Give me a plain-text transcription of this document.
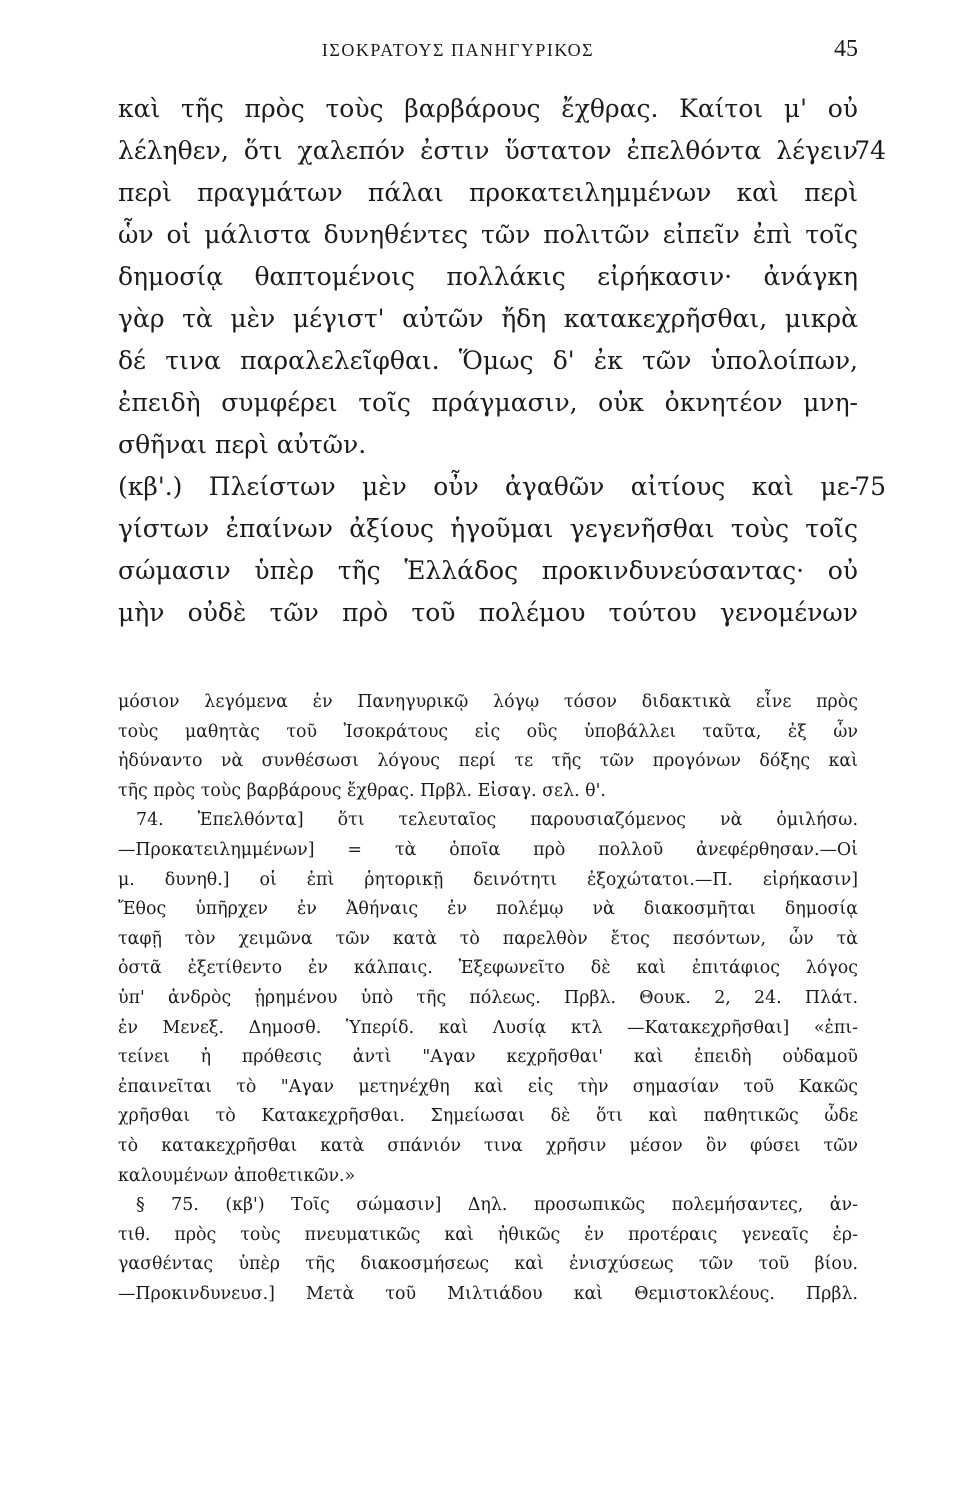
ΙΣΟΚΡΑΤΟΥΣ ΠΑΝΗΓΥΡΙΚΟΣ	45
καὶ τῆς πρὸς τοὺς βαρβάρους ἔχθρας. Καίτοι μ' οὐ
λέληθεν, ὅτι χαλεπόν ἐστιν ὕστατον ἐπελθόντα λέγειν
74
περὶ πραγμάτων πάλαι προκατειλημμένων καὶ περὶ
ὧν οἱ μάλιστα δυνηθέντες τῶν πολιτῶν εἰπεῖν ἐπὶ τοῖς
δημοσίᾳ θαπτομένοις πολλάκις εἰρήκασιν· ἀνάγκη
γὰρ τὰ μὲν μέγιστ' αὐτῶν ἤδη κατακεχρῆσθαι, μικρὰ
δέ τινα παραλελεῖφθαι. Ὅμως δ' ἐκ τῶν ὑπολοίπων,
ἐπειδὴ συμφέρει τοῖς πράγμασιν, οὐκ ὀκνητέον μνη-
σθῆναι περὶ αὐτῶν.
(κβ'.) Πλείστων μὲν οὖν ἀγαθῶν αἰτίους καὶ με-
75
γίστων ἐπαίνων ἀξίους ἡγοῦμαι γεγενῆσθαι τοὺς τοῖς
σώμασιν ὑπὲρ τῆς Ἑλλάδος προκινδυνεύσαντας· οὐ
μὴν οὐδὲ τῶν πρὸ τοῦ πολέμου τούτου γενομένων
μόσιον λεγόμενα ἐν Πανηγυρικῷ λόγῳ τόσον διδακτικὰ εἶνε πρὸς
τοὺς μαθητὰς τοῦ Ἰσοκράτους εἰς οὓς ὑποβάλλει ταῦτα, ἐξ ὧν
ἠδύναντο νὰ συνθέσωσι λόγους περί τε τῆς τῶν προγόνων δόξης καὶ
τῆς πρὸς τοὺς βαρβάρους ἔχθρας. Πρβλ. Εἰσαγ. σελ. θ'.
74. Ἐπελθόντα] ὅτι τελευταῖος παρουσιαζόμενος νὰ ὁμιλήσω.
—Προκατειλημμένων] = τὰ ὁποῖα πρὸ πολλοῦ ἀνεφέρθησαν.—Οἱ
μ. δυνηθ.] οἱ ἐπὶ ῥητορικῇ δεινότητι ἐξοχώτατοι.—Π. εἰρήκασιν]
Ἔθος ὑπῆρχεν ἐν Ἀθήναις ἐν πολέμῳ νὰ διακοσμῆται δημοσίᾳ
ταφῇ τὸν χειμῶνα τῶν κατὰ τὸ παρελθὸν ἔτος πεσόντων, ὧν τὰ
ὀστᾶ ἐξετίθεντο ἐν κάλπαις. Ἐξεφωνεῖτο δὲ καὶ ἐπιτάφιος λόγος
ὑπ' ἀνδρὸς ᾑρημένου ὑπὸ τῆς πόλεως. Πρβλ. Θουκ. 2, 24. Πλάτ.
ἐν Μενεξ. Δημοσθ. Ὑπερίδ. καὶ Λυσίᾳ κτλ —Κατακεχρῆσθαι] «ἐπι-
τείνει ἡ πρόθεσις ἀντὶ "Αγαν κεχρῆσθαι' καὶ ἐπειδὴ οὐδαμοῦ
ἐπαινεῖται τὸ "Αγαν μετηνέχθη καὶ εἰς τὴν σημασίαν τοῦ Κακῶς
χρῆσθαι τὸ Κατακεχρῆσθαι. Σημείωσαι δὲ ὅτι καὶ παθητικῶς ὧδε
τὸ κατακεχρῆσθαι κατὰ σπάνιόν τινα χρῆσιν μέσον ὂν φύσει τῶν
καλουμένων ἀποθετικῶν.»
§ 75. (κβ') Τοῖς σώμασιν] Δηλ. προσωπικῶς πολεμήσαντες, ἀν-
τιθ. πρὸς τοὺς πνευματικῶς καὶ ἠθικῶς ἐν προτέραις γενεαῖς ἐρ-
γασθέντας ὑπὲρ τῆς διακοσμήσεως καὶ ἐνισχύσεως τῶν τοῦ βίου.
—Προκινδυνευσ.] Μετὰ τοῦ Μιλτιάδου καὶ Θεμιστοκλέους. Πρβλ.
